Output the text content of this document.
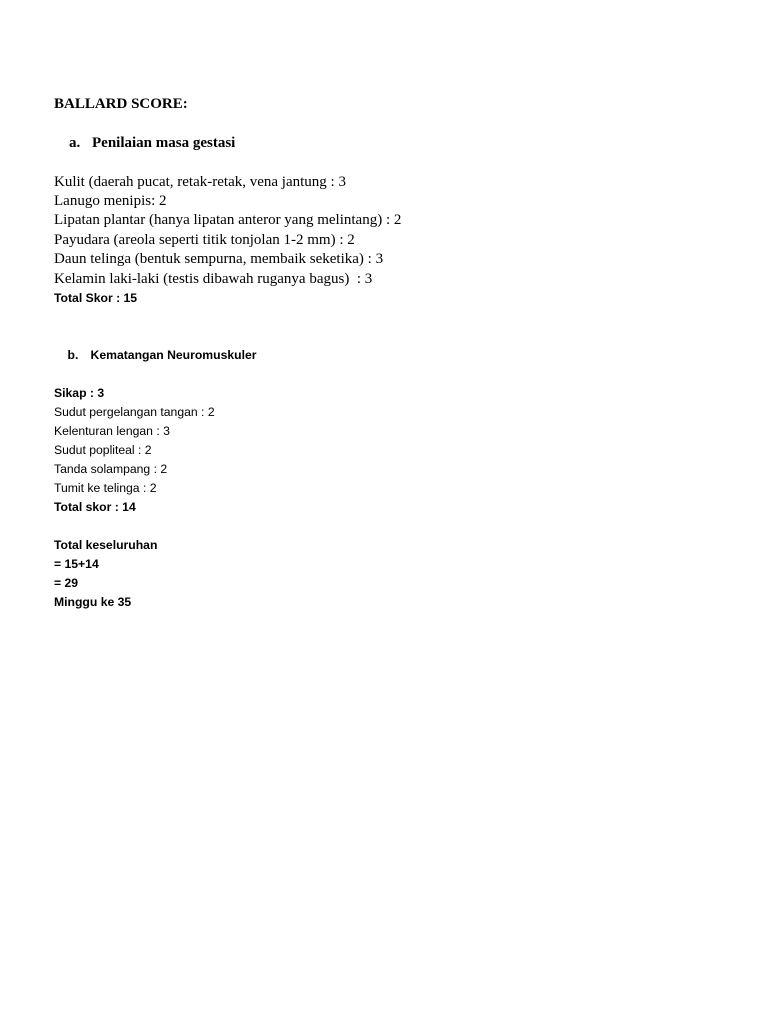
BALLARD SCORE:

a. Penilaian masa gestasi

Kulit (daerah pucat, retak-retak, vena jantung : 3
Lanugo menipis: 2
Lipatan plantar (hanya lipatan anteror yang melintang) : 2
Payudara (areola seperti titik tonjolan 1-2 mm) : 2
Daun telinga (bentuk sempurna, membaik seketika) : 3
Kelamin laki-laki (testis dibawah ruganya bagus)  : 3
Total Skor : 15

b. Kematangan Neuromuskuler

Sikap : 3
Sudut pergelangan tangan : 2
Kelenturan lengan : 3
Sudut popliteal : 2
Tanda solampang : 2
Tumit ke telinga : 2
Total skor : 14
Total keseluruhan
= 15+14
= 29
Minggu ke 35
